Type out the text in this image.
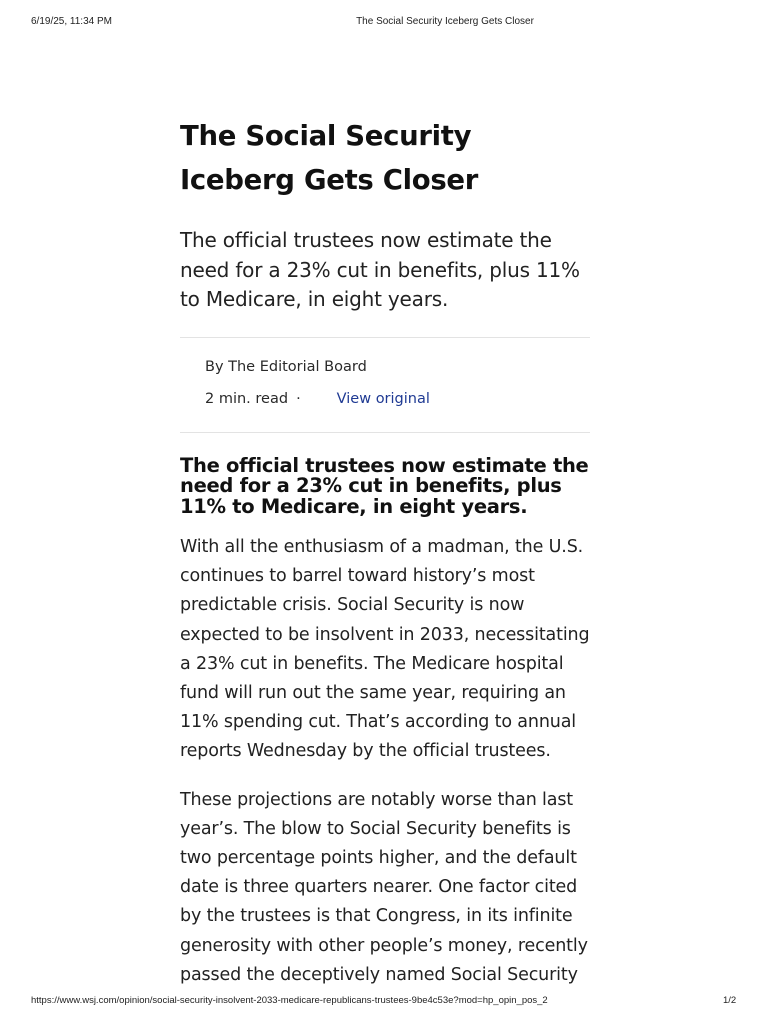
6/19/25, 11:34 PM	The Social Security Iceberg Gets Closer
The Social Security Iceberg Gets Closer

The official trustees now estimate the need for a 23% cut in benefits, plus 11% to Medicare, in eight years.

By The Editorial Board
2 min. read · View original
The official trustees now estimate the need for a 23% cut in benefits, plus 11% to Medicare, in eight years.

With all the enthusiasm of a madman, the U.S. continues to barrel toward history’s most predictable crisis. Social Security is now expected to be insolvent in 2033, necessitating a 23% cut in benefits. The Medicare hospital fund will run out the same year, requiring an 11% spending cut. That’s according to annual reports Wednesday by the official trustees.

These projections are notably worse than last year’s. The blow to Social Security benefits is two percentage points higher, and the default date is three quarters nearer. One factor cited by the trustees is that Congress, in its infinite generosity with other people’s money, recently passed the deceptively named Social Security

https://www.wsj.com/opinion/social-security-insolvent-2033-medicare-republicans-trustees-9be4c53e?mod=hp_opin_pos_2	1/2
